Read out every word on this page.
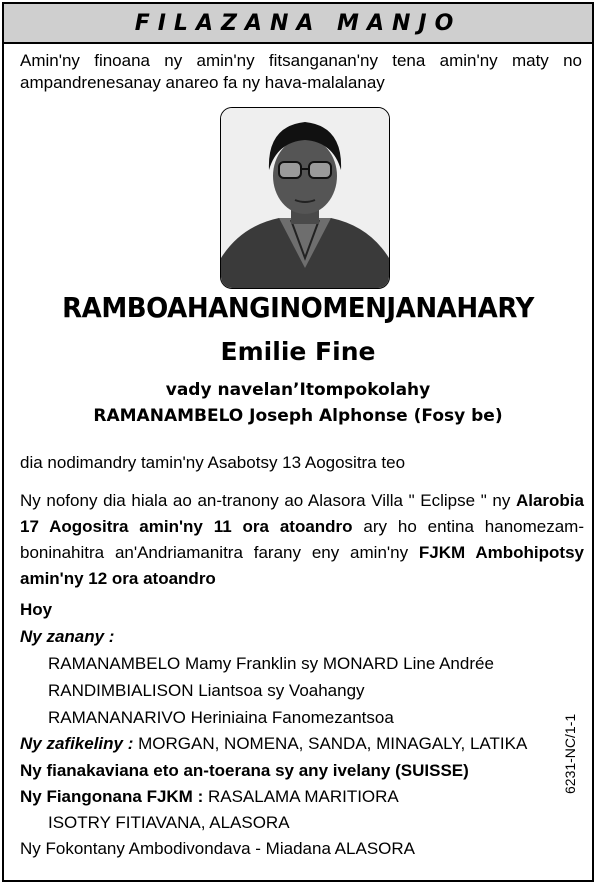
FILAZANA MANJO
Amin'ny finoana ny amin'ny fitsanganan'ny tena amin'ny maty no ampandrenesanay anareo fa ny hava-malalanay
RAMBOAHANGINOMENJANAHARY
Emilie Fine
vady navelan’Itompokolahy
RAMANAMBELO Joseph Alphonse (Fosy be)
dia nodimandry tamin'ny Asabotsy 13 Aogositra teo
Ny nofony dia hiala ao an-tranony ao Alasora Villa " Eclipse " ny Alarobia 17 Aogositra amin'ny 11 ora atoandro ary ho entina hanomezam-boninahitra an'Andriamanitra farany eny amin'ny FJKM Ambohipotsy amin'ny 12 ora atoandro
Hoy
Ny zanany :
RAMANAMBELO Mamy Franklin sy MONARD Line Andrée
RANDIMBIALISON Liantsoa sy Voahangy
RAMANANARIVO Heriniaina Fanomezantsoa
Ny zafikeliny : MORGAN, NOMENA, SANDA, MINAGALY, LATIKA
Ny fianakaviana eto an-toerana sy any ivelany (SUISSE)
Ny Fiangonana FJKM : RASALAMA MARITIORA
ISOTRY FITIAVANA, ALASORA
Ny Fokontany Ambodivondava - Miadana ALASORA
6231-NC/1-1
